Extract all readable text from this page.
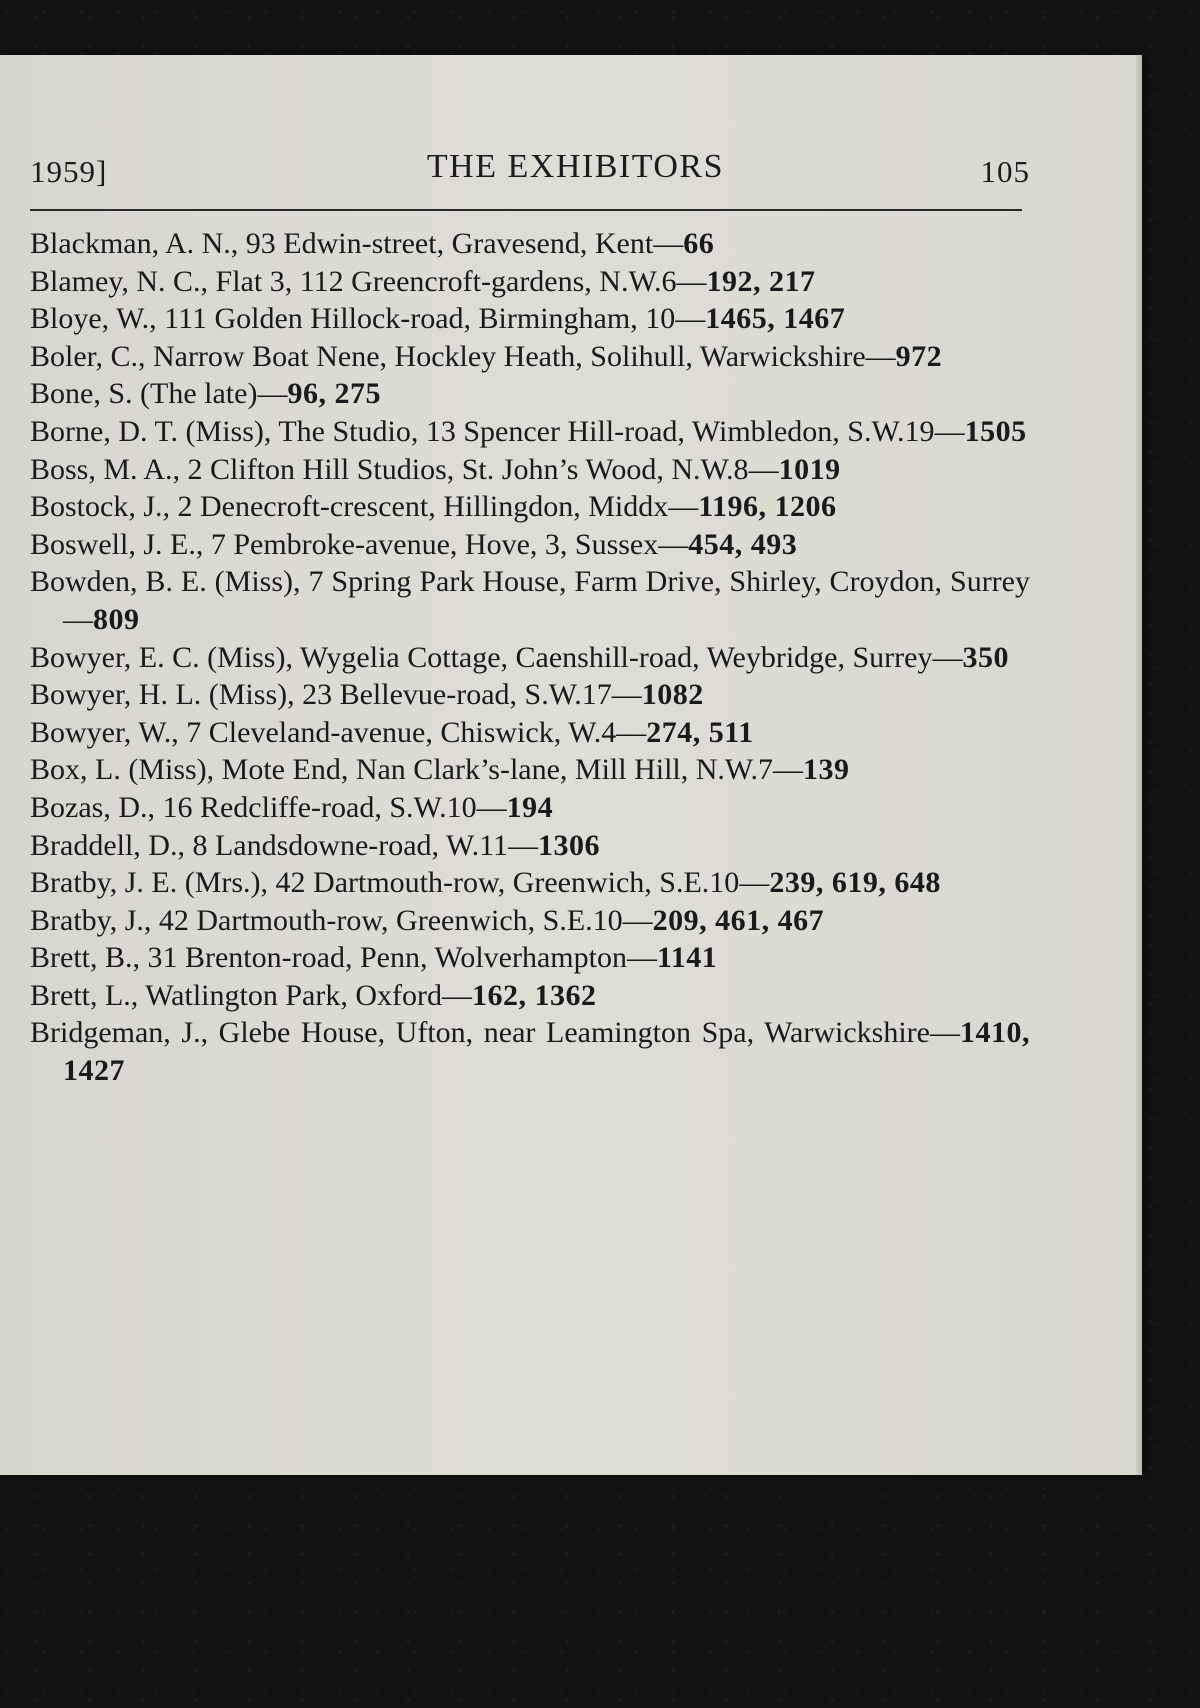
1959]	THE EXHIBITORS	105
Blackman, A. N., 93 Edwin-street, Gravesend, Kent—66
Blamey, N. C., Flat 3, 112 Greencroft-gardens, N.W.6—192, 217
Bloye, W., 111 Golden Hillock-road, Birmingham, 10—1465, 1467
Boler, C., Narrow Boat Nene, Hockley Heath, Solihull, Warwickshire—972
Bone, S. (The late)—96, 275
Borne, D. T. (Miss), The Studio, 13 Spencer Hill-road, Wimbledon, S.W.19—1505
Boss, M. A., 2 Clifton Hill Studios, St. John’s Wood, N.W.8—1019
Bostock, J., 2 Denecroft-crescent, Hillingdon, Middx—1196, 1206
Boswell, J. E., 7 Pembroke-avenue, Hove, 3, Sussex—454, 493
Bowden, B. E. (Miss), 7 Spring Park House, Farm Drive, Shirley, Croydon, Surrey—809
Bowyer, E. C. (Miss), Wygelia Cottage, Caenshill-road, Weybridge, Surrey—350
Bowyer, H. L. (Miss), 23 Bellevue-road, S.W.17—1082
Bowyer, W., 7 Cleveland-avenue, Chiswick, W.4—274, 511
Box, L. (Miss), Mote End, Nan Clark’s-lane, Mill Hill, N.W.7—139
Bozas, D., 16 Redcliffe-road, S.W.10—194
Braddell, D., 8 Landsdowne-road, W.11—1306
Bratby, J. E. (Mrs.), 42 Dartmouth-row, Greenwich, S.E.10—239, 619, 648
Bratby, J., 42 Dartmouth-row, Greenwich, S.E.10—209, 461, 467
Brett, B., 31 Brenton-road, Penn, Wolverhampton—1141
Brett, L., Watlington Park, Oxford—162, 1362
Bridgeman, J., Glebe House, Ufton, near Leamington Spa, Warwickshire—1410, 1427
